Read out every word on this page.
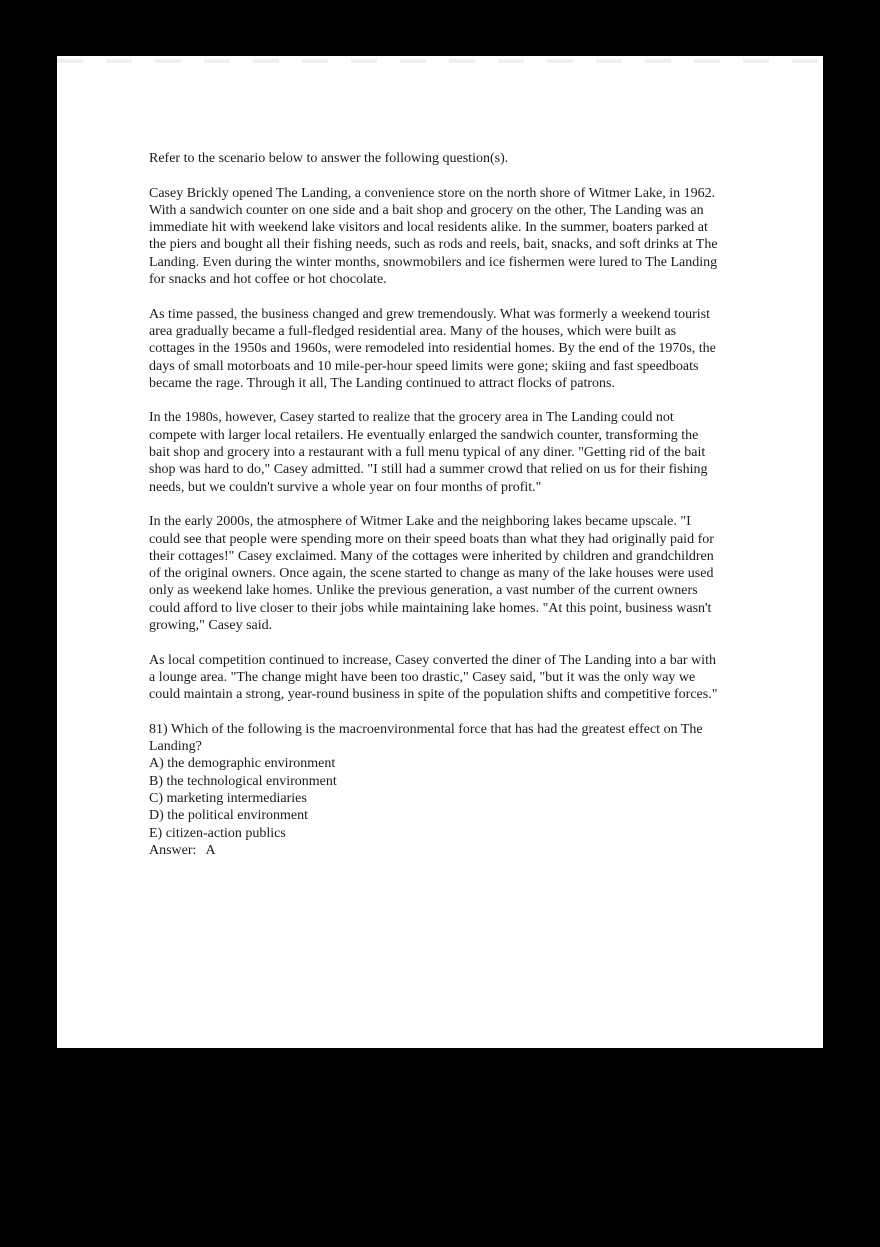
Refer to the scenario below to answer the following question(s).

Casey Brickly opened The Landing, a convenience store on the north shore of Witmer Lake, in 1962. With a sandwich counter on one side and a bait shop and grocery on the other, The Landing was an immediate hit with weekend lake visitors and local residents alike. In the summer, boaters parked at the piers and bought all their fishing needs, such as rods and reels, bait, snacks, and soft drinks at The Landing. Even during the winter months, snowmobilers and ice fishermen were lured to The Landing for snacks and hot coffee or hot chocolate.

As time passed, the business changed and grew tremendously. What was formerly a weekend tourist area gradually became a full-fledged residential area. Many of the houses, which were built as cottages in the 1950s and 1960s, were remodeled into residential homes. By the end of the 1970s, the days of small motorboats and 10 mile-per-hour speed limits were gone; skiing and fast speedboats became the rage. Through it all, The Landing continued to attract flocks of patrons.

In the 1980s, however, Casey started to realize that the grocery area in The Landing could not compete with larger local retailers. He eventually enlarged the sandwich counter, transforming the bait shop and grocery into a restaurant with a full menu typical of any diner. "Getting rid of the bait shop was hard to do," Casey admitted. "I still had a summer crowd that relied on us for their fishing needs, but we couldn't survive a whole year on four months of profit."

In the early 2000s, the atmosphere of Witmer Lake and the neighboring lakes became upscale. "I could see that people were spending more on their speed boats than what they had originally paid for their cottages!" Casey exclaimed. Many of the cottages were inherited by children and grandchildren of the original owners. Once again, the scene started to change as many of the lake houses were used only as weekend lake homes. Unlike the previous generation, a vast number of the current owners could afford to live closer to their jobs while maintaining lake homes. "At this point, business wasn't growing," Casey said.

As local competition continued to increase, Casey converted the diner of The Landing into a bar with a lounge area. "The change might have been too drastic," Casey said, "but it was the only way we could maintain a strong, year-round business in spite of the population shifts and competitive forces."

81) Which of the following is the macroenvironmental force that has had the greatest effect on The Landing?

A) the demographic environment

B) the technological environment

C) marketing intermediaries

D) the political environment

E) citizen-action publics

Answer: A
